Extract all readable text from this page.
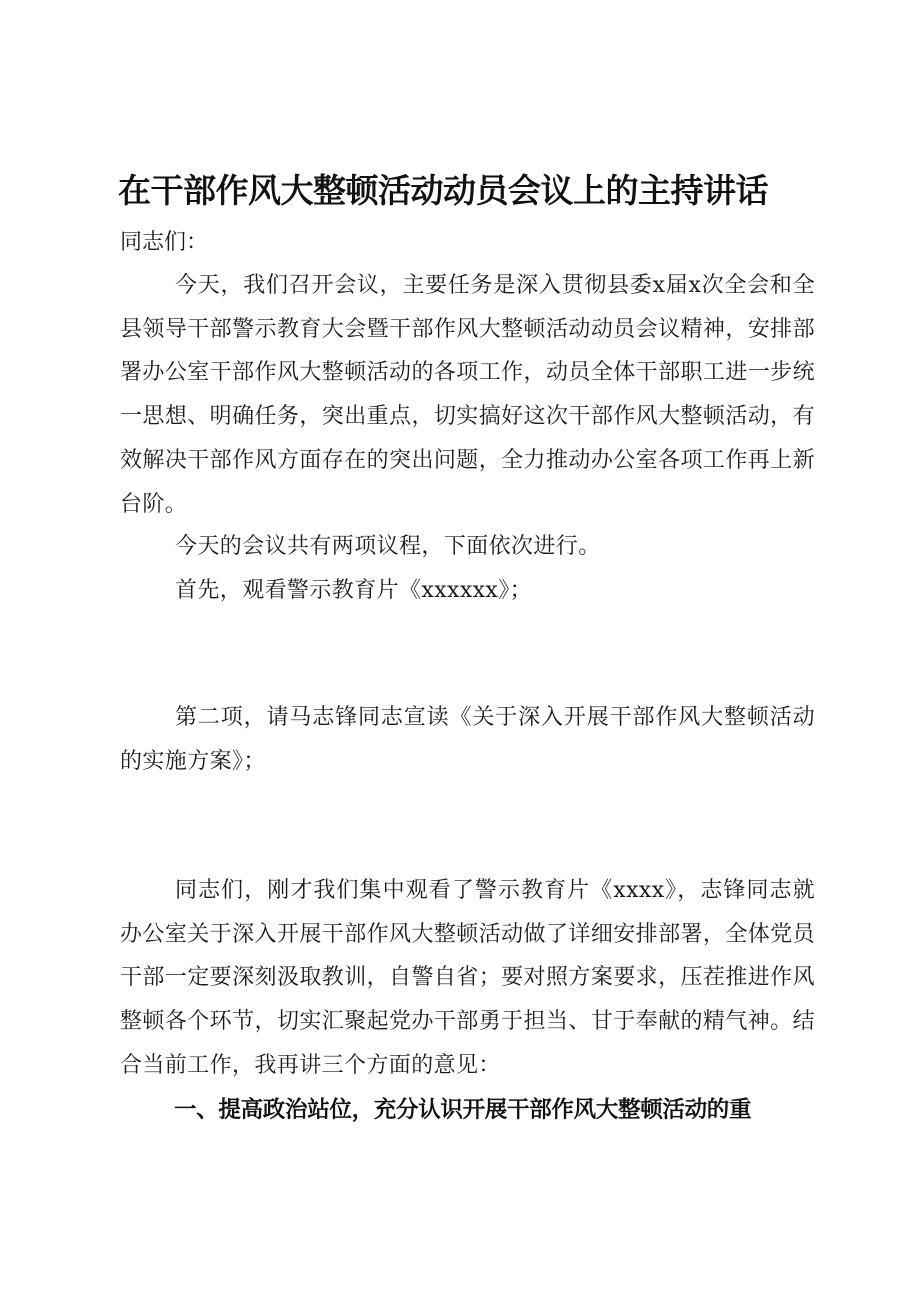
在干部作风大整顿活动动员会议上的主持讲话

同志们：

今天，我们召开会议，主要任务是深入贯彻县委x届x次全会和全县领导干部警示教育大会暨干部作风大整顿活动动员会议精神，安排部署办公室干部作风大整顿活动的各项工作，动员全体干部职工进一步统一思想、明确任务，突出重点，切实搞好这次干部作风大整顿活动，有效解决干部作风方面存在的突出问题，全力推动办公室各项工作再上新台阶。

今天的会议共有两项议程，下面依次进行。

首先，观看警示教育片《xxxxxx》；

第二项，请马志锋同志宣读《关于深入开展干部作风大整顿活动的实施方案》；

同志们，刚才我们集中观看了警示教育片《xxxx》，志锋同志就办公室关于深入开展干部作风大整顿活动做了详细安排部署，全体党员干部一定要深刻汲取教训，自警自省；要对照方案要求，压茬推进作风整顿各个环节，切实汇聚起党办干部勇于担当、甘于奉献的精气神。结合当前工作，我再讲三个方面的意见：

一、提高政治站位，充分认识开展干部作风大整顿活动的重
